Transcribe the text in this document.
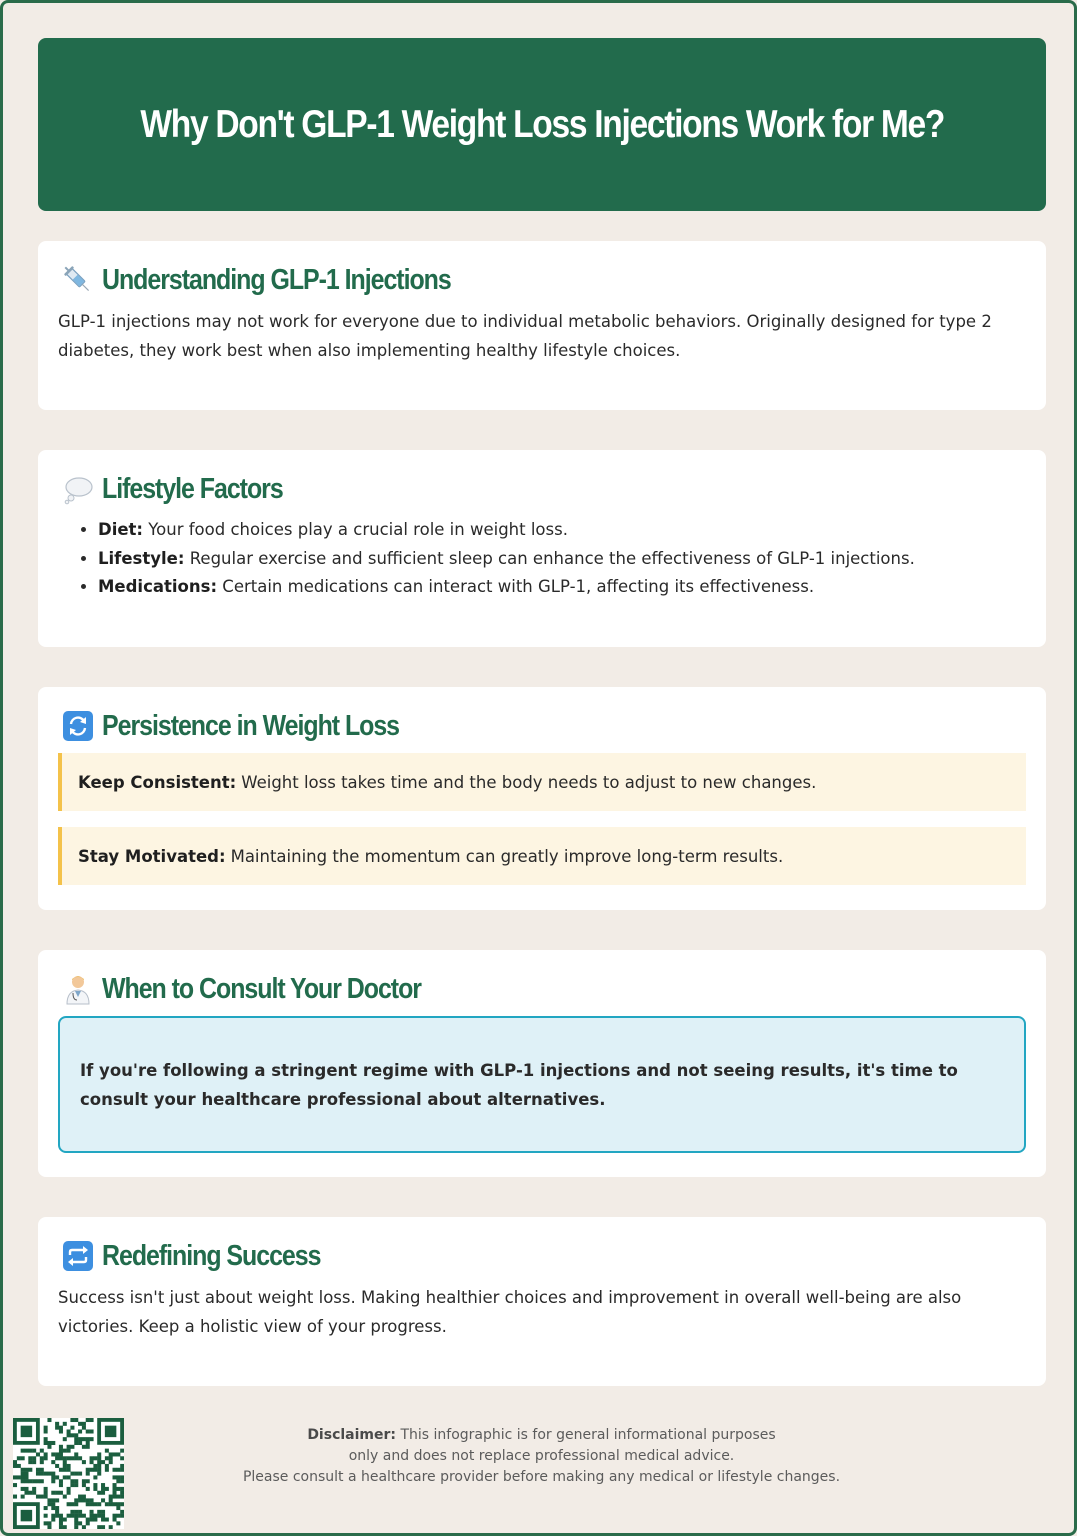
Why Don't GLP-1 Weight Loss Injections Work for Me?
Understanding GLP-1 Injections

GLP-1 injections may not work for everyone due to individual metabolic behaviors. Originally designed for type 2 diabetes, they work best when also implementing healthy lifestyle choices.

Lifestyle Factors
• Diet: Your food choices play a crucial role in weight loss.
• Lifestyle: Regular exercise and sufficient sleep can enhance the effectiveness of GLP-1 injections.
• Medications: Certain medications can interact with GLP-1, affecting its effectiveness.
Persistence in Weight Loss
Keep Consistent: Weight loss takes time and the body needs to adjust to new changes.
Stay Motivated: Maintaining the momentum can greatly improve long-term results.
When to Consult Your Doctor

If you're following a stringent regime with GLP-1 injections and not seeing results, it's time to consult your healthcare professional about alternatives.

Redefining Success

Success isn't just about weight loss. Making healthier choices and improvement in overall well-being are also victories. Keep a holistic view of your progress.

Disclaimer: This infographic is for general informational purposes
only and does not replace professional medical advice.
Please consult a healthcare provider before making any medical or lifestyle changes.
